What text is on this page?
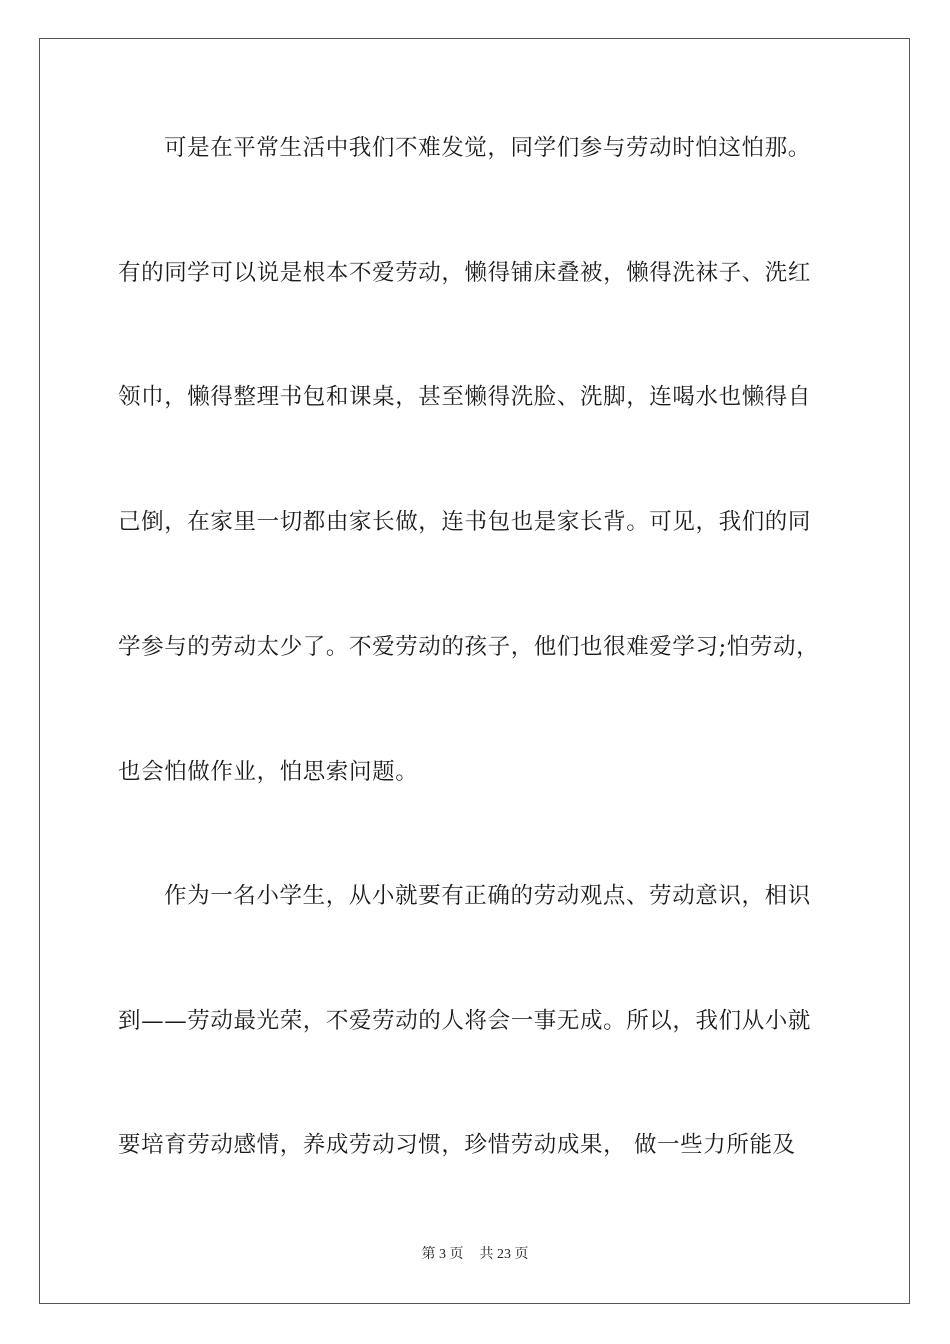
可是在平常生活中我们不难发觉，同学们参与劳动时怕这怕那。
有的同学可以说是根本不爱劳动，懒得铺床叠被，懒得洗袜子、洗红
领巾，懒得整理书包和课桌，甚至懒得洗脸、洗脚，连喝水也懒得自
己倒，在家里一切都由家长做，连书包也是家长背。可见，我们的同
学参与的劳动太少了。不爱劳动的孩子，他们也很难爱学习;怕劳动，
也会怕做作业，怕思索问题。
作为一名小学生，从小就要有正确的劳动观点、劳动意识，相识
到——劳动最光荣，不爱劳动的人将会一事无成。所以，我们从小就
要培育劳动感情，养成劳动习惯，珍惜劳动成果， 做一些力所能及
第 3 页 共 23 页
